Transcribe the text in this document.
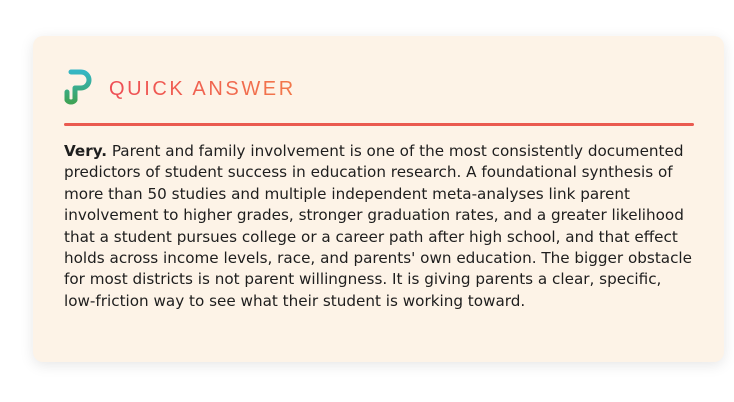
QUICK ANSWER

Very. Parent and family involvement is one of the most consistently documented predictors of student success in education research. A foundational synthesis of more than 50 studies and multiple independent meta-analyses link parent involvement to higher grades, stronger graduation rates, and a greater likelihood that a student pursues college or a career path after high school, and that effect holds across income levels, race, and parents' own education. The bigger obstacle for most districts is not parent willingness. It is giving parents a clear, specific, low-friction way to see what their student is working toward.
